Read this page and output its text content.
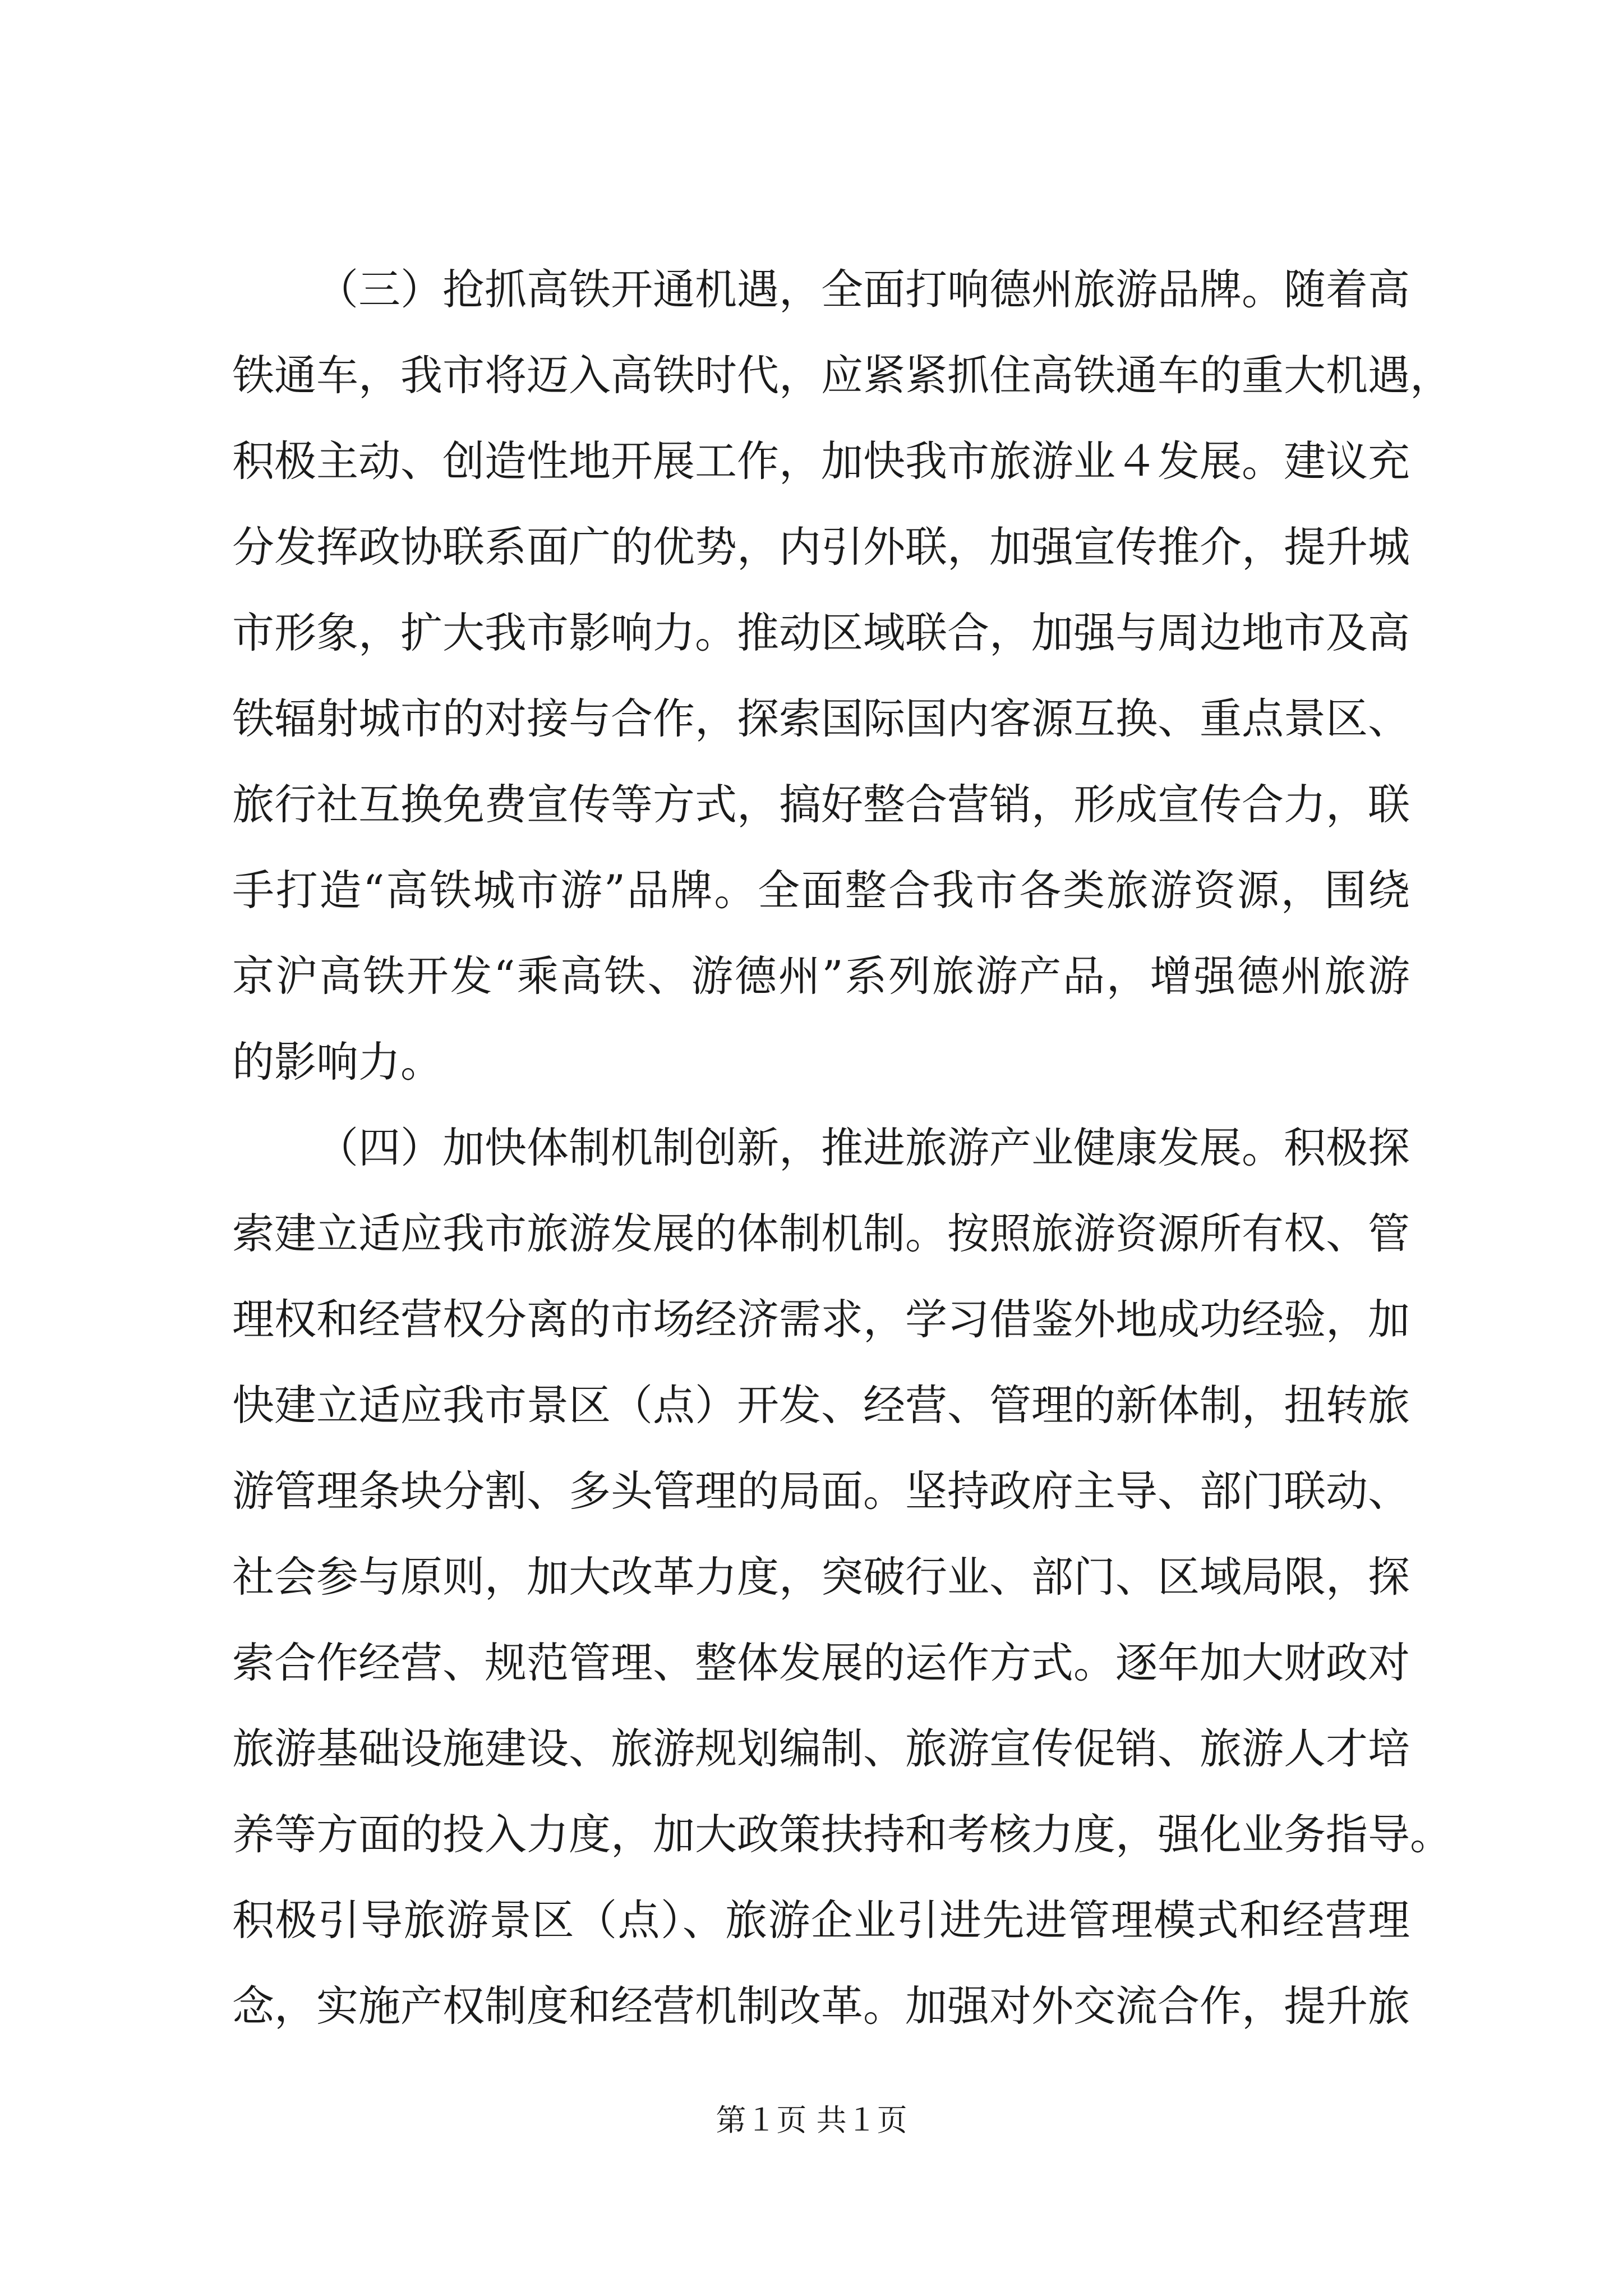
（三）抢抓高铁开通机遇，全面打响德州旅游品牌。随着高
铁通车，我市将迈入高铁时代，应紧紧抓住高铁通车的重大机遇，
积极主动、创造性地开展工作，加快我市旅游业４发展。建议充
分发挥政协联系面广的优势，内引外联，加强宣传推介，提升城
市形象，扩大我市影响力。推动区域联合，加强与周边地市及高
铁辐射城市的对接与合作，探索国际国内客源互换、重点景区、
旅行社互换免费宣传等方式，搞好整合营销，形成宣传合力，联
手打造“高铁城市游”品牌。全面整合我市各类旅游资源，围绕
京沪高铁开发“乘高铁、游德州”系列旅游产品，增强德州旅游
的影响力。
（四）加快体制机制创新，推进旅游产业健康发展。积极探
索建立适应我市旅游发展的体制机制。按照旅游资源所有权、管
理权和经营权分离的市场经济需求，学习借鉴外地成功经验，加
快建立适应我市景区（点）开发、经营、管理的新体制，扭转旅
游管理条块分割、多头管理的局面。坚持政府主导、部门联动、
社会参与原则，加大改革力度，突破行业、部门、区域局限，探
索合作经营、规范管理、整体发展的运作方式。逐年加大财政对
旅游基础设施建设、旅游规划编制、旅游宣传促销、旅游人才培
养等方面的投入力度，加大政策扶持和考核力度，强化业务指导。
积极引导旅游景区（点）、旅游企业引进先进管理模式和经营理
念，实施产权制度和经营机制改革。加强对外交流合作，提升旅
第１页 共１页
